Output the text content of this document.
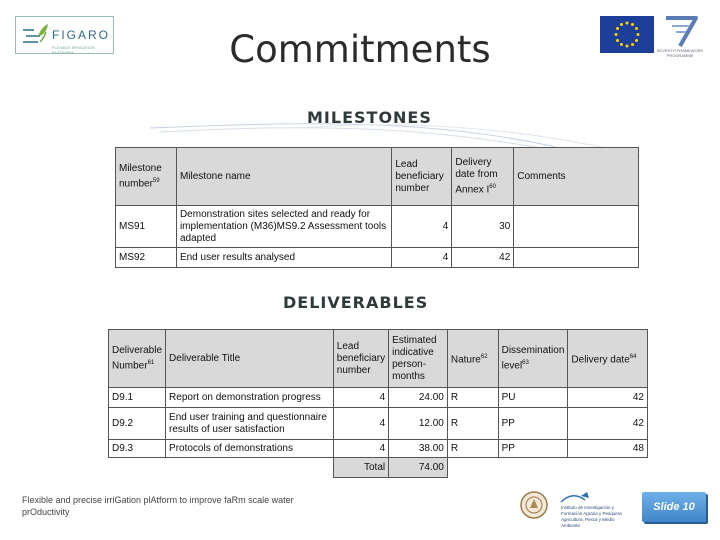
FIGARO
FLEXIBLE IRRIGATION PLATFORM	Commitments	SEVENTH FRAMEWORK PROGRAMME
MILESTONES
Milestone number$^{59}$	Milestone name	Lead beneficiary number	Delivery date from Annex $I^{60}$	Comments
MS91	Demonstration sites selected and ready for implementation (M36)MS9.2 Assessment tools adapted	4	30	
MS92	End user results analysed	4	42	
DELIVERABLES
Deliverable Number$^{61}$	Deliverable Title	Lead beneficiary number	Estimated indicative person-months	Nature$^{62}$	Dissemination level$^{63}$	Delivery date$^{64}$
D9.1	Report on demonstration progress	4	24.00	R	PU	42
D9.2	End user training and questionnaire results of user satisfaction	4	12.00	R	PP	42
D9.3	Protocols of demonstrations	4	38.00	R	PP	48
		Total	74.00			

Flexible and precise irriGation plAtform to improve faRm scale water prOductivity	Instituto de Investigación y
Formación Agraria y Pesquera
Agricultura, Pesca y Medio Ambiente
Slide 10
